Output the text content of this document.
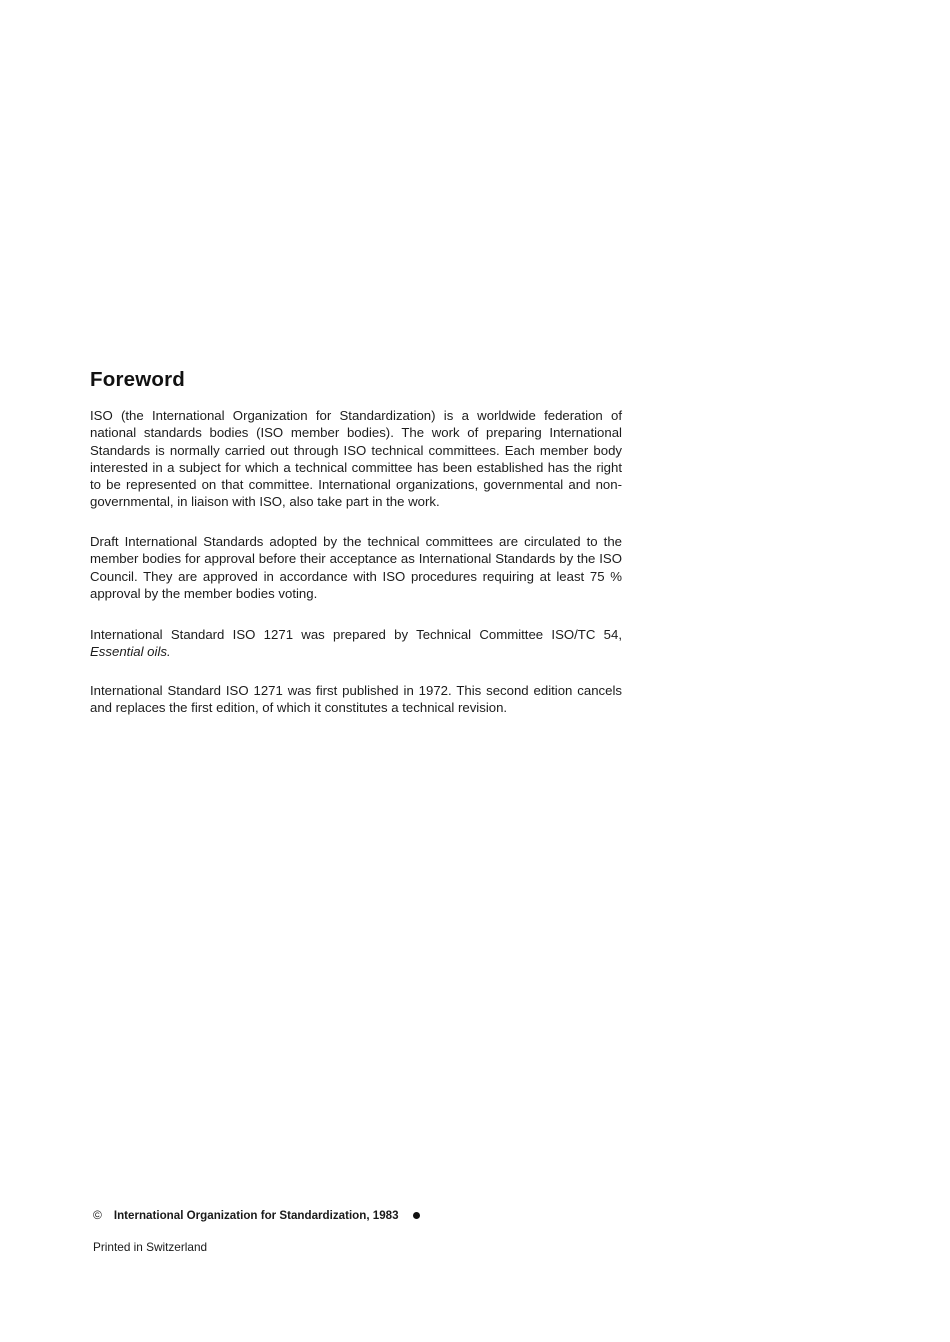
Foreword

ISO (the International Organization for Standardization) is a worldwide federation of national standards bodies (ISO member bodies). The work of preparing International Standards is normally carried out through ISO technical committees. Each member body interested in a subject for which a technical committee has been established has the right to be represented on that committee. International organizations, governmental and non-governmental, in liaison with ISO, also take part in the work.

Draft International Standards adopted by the technical committees are circulated to the member bodies for approval before their acceptance as International Standards by the ISO Council. They are approved in accordance with ISO procedures requiring at least 75 % approval by the member bodies voting.

International Standard ISO 1271 was prepared by Technical Committee ISO/TC 54, Essential oils.

International Standard ISO 1271 was first published in 1972. This second edition cancels and replaces the first edition, of which it constitutes a technical revision.

© International Organization for Standardization, 1983
Printed in Switzerland
